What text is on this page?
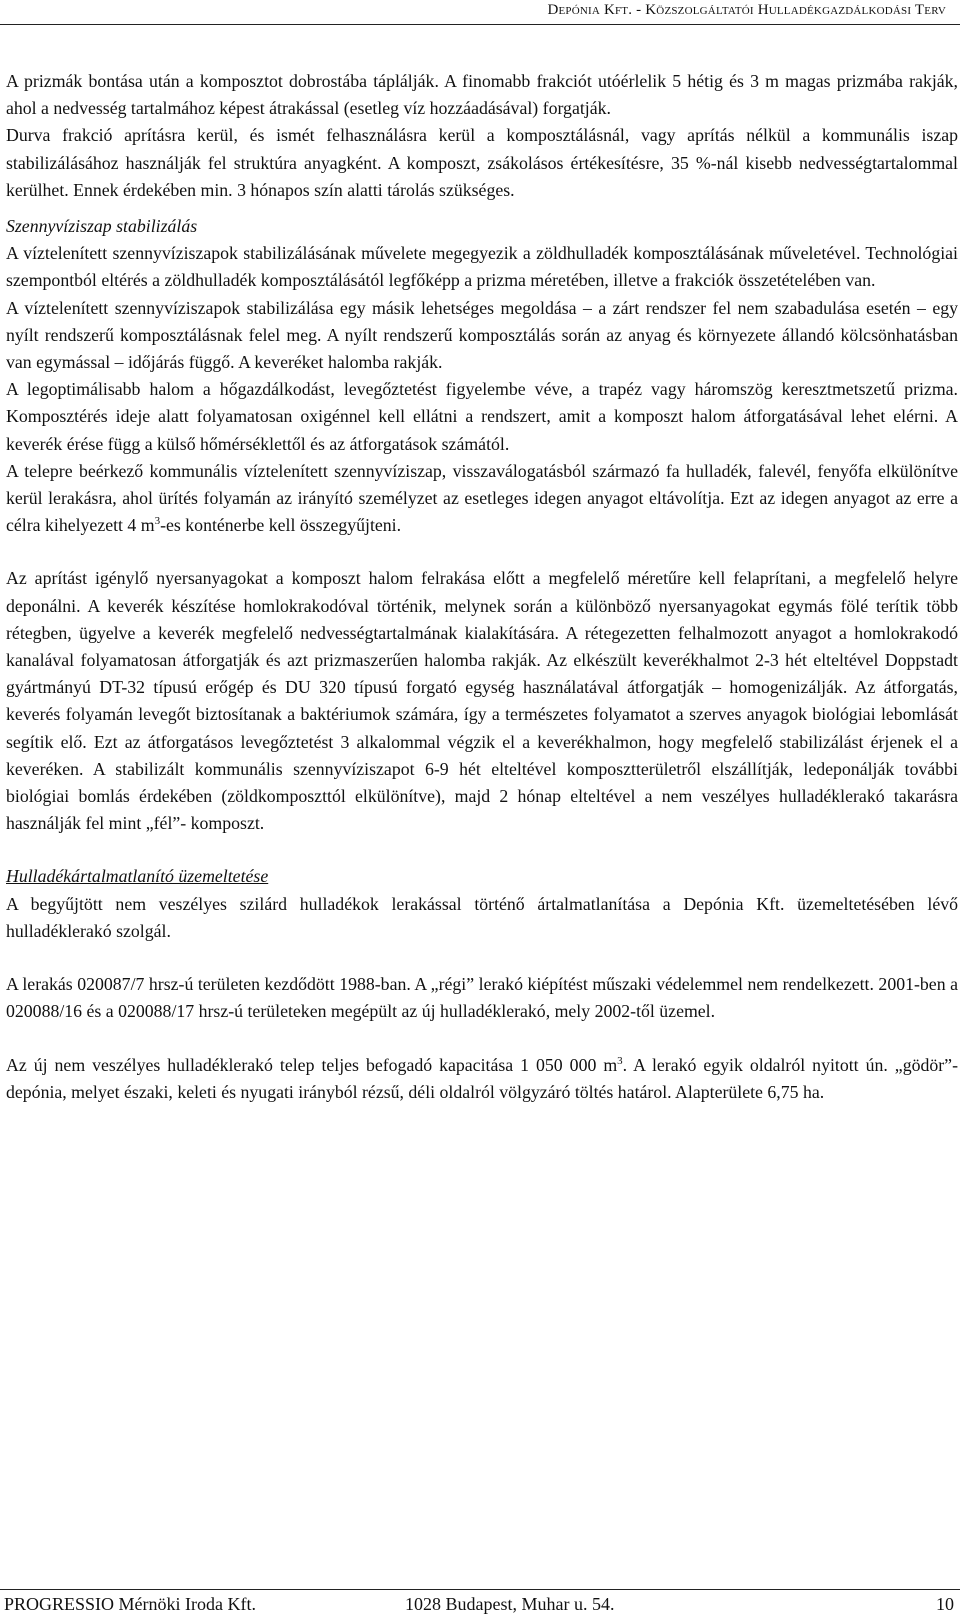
Depónia Kft. - Közszolgáltatói Hulladékgazdálkodási Terv

A prizmák bontása után a komposztot dobrostába táplálják. A finomabb frakciót utóérlelik 5 hétig és 3 m magas prizmába rakják, ahol a nedvesség tartalmához képest átrakással (esetleg víz hozzáadásával) forgatják.

Durva frakció aprításra kerül, és ismét felhasználásra kerül a komposztálásnál, vagy aprítás nélkül a kommunális iszap stabilizálásához használják fel struktúra anyagként. A komposzt, zsákolásos értékesítésre, 35 %-nál kisebb nedvességtartalommal kerülhet. Ennek érdekében min. 3 hónapos szín alatti tárolás szükséges.

Szennyvíziszap stabilizálás

A víztelenített szennyvíziszapok stabilizálásának művelete megegyezik a zöldhulladék komposztálásának műveletével. Technológiai szempontból eltérés a zöldhulladék komposztálásától legfőképp a prizma méretében, illetve a frakciók összetételében van.

A víztelenített szennyvíziszapok stabilizálása egy másik lehetséges megoldása – a zárt rendszer fel nem szabadulása esetén – egy nyílt rendszerű komposztálásnak felel meg. A nyílt rendszerű komposztálás során az anyag és környezete állandó kölcsönhatásban van egymással – időjárás függő. A keveréket halomba rakják.

A legoptimálisabb halom a hőgazdálkodást, levegőztetést figyelembe véve, a trapéz vagy háromszög keresztmetszetű prizma. Komposztérés ideje alatt folyamatosan oxigénnel kell ellátni a rendszert, amit a komposzt halom átforgatásával lehet elérni. A keverék érése függ a külső hőmérséklettől és az átforgatások számától.

A telepre beérkező kommunális víztelenített szennyvíziszap, visszaválogatásból származó fa hulladék, falevél, fenyőfa elkülönítve kerül lerakásra, ahol ürítés folyamán az irányító személyzet az esetleges idegen anyagot eltávolítja. Ezt az idegen anyagot az erre a célra kihelyezett 4 $m^3-es$ konténerbe kell összegyűjteni.

Az aprítást igénylő nyersanyagokat a komposzt halom felrakása előtt a megfelelő méretűre kell felaprítani, a megfelelő helyre deponálni. A keverék készítése homlokrakodóval történik, melynek során a különböző nyersanyagokat egymás fölé terítik több rétegben, ügyelve a keverék megfelelő nedvességtartalmának kialakítására. A rétegezetten felhalmozott anyagot a homlokrakodó kanalával folyamatosan átforgatják és azt prizmaszerűen halomba rakják. Az elkészült keverékhalmot 2-3 hét elteltével Doppstadt gyártmányú DT-32 típusú erőgép és DU 320 típusú forgató egység használatával átforgatják – homogenizálják. Az átforgatás, keverés folyamán levegőt biztosítanak a baktériumok számára, így a természetes folyamatot a szerves anyagok biológiai lebomlását segítik elő. Ezt az átforgatásos levegőztetést 3 alkalommal végzik el a keverékhalmon, hogy megfelelő stabilizálást érjenek el a keveréken. A stabilizált kommunális szennyvíziszapot 6-9 hét elteltével komposztterületről elszállítják, ledeponálják további biológiai bomlás érdekében (zöldkomposzttól elkülönítve), majd 2 hónap elteltével a nem veszélyes hulladéklerakó takarásra használják fel mint „fél”- komposzt.

Hulladékártalmatlanító üzemeltetése

A begyűjtött nem veszélyes szilárd hulladékok lerakással történő ártalmatlanítása a Depónia Kft. üzemeltetésében lévő hulladéklerakó szolgál.

A lerakás 020087/7 hrsz-ú területen kezdődött 1988-ban. A „régi” lerakó kiépítést műszaki védelemmel nem rendelkezett. 2001-ben a 020088/16 és a 020088/17 hrsz-ú területeken megépült az új hulladéklerakó, mely 2002-től üzemel.

Az új nem veszélyes hulladéklerakó telep teljes befogadó kapacitása 1 050 000 $m^3$. A lerakó egyik oldalról nyitott ún. „gödör”-depónia, melyet északi, keleti és nyugati irányból rézsű, déli oldalról völgyzáró töltés határol. Alapterülete 6,75 ha.

PROGRESSIO Mérnöki Iroda Kft.	1028 Budapest, Muhar u. 54.	10
